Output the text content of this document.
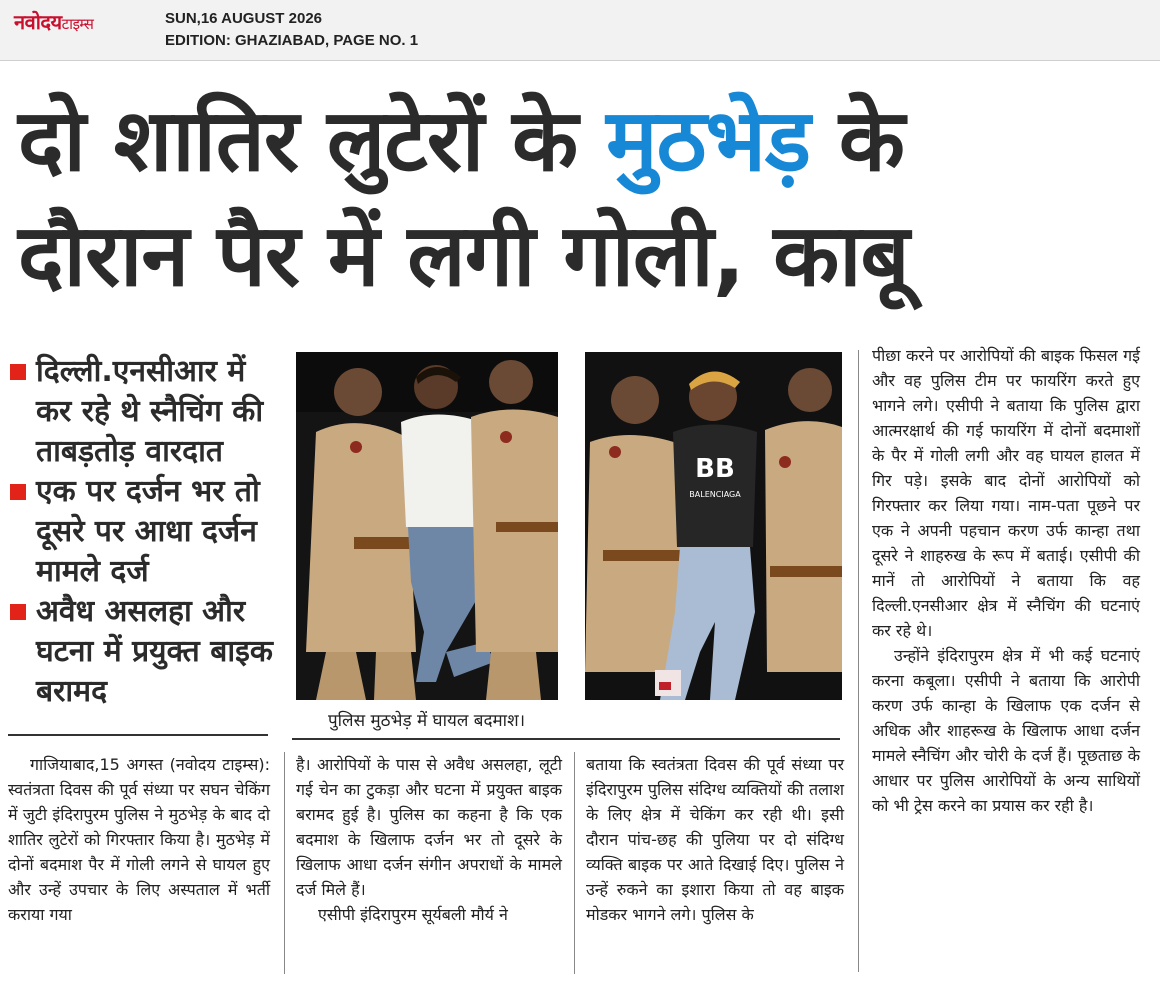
नवोदयटाइम्स	SUN,16 AUGUST 2026
EDITION: GHAZIABAD, PAGE NO. 1
दो शातिर लुटेरों के मुठभेड़ के
दौरान पैर में लगी गोली, काबू
दिल्ली.एनसीआर में कर रहे थे स्नैचिंग की ताबड़तोड़ वारदात
एक पर दर्जन भर तो दूसरे पर आधा दर्जन मामले दर्ज
अवैध असलहा और घटना में प्रयुक्त बाइक बरामद
BB
BALENCIAGA
पुलिस मुठभेड़ में घायल बदमाश।

गाजियाबाद,15 अगस्त (नवोदय टाइम्स): स्वतंत्रता दिवस की पूर्व संध्या पर सघन चेकिंग में जुटी इंदिरापुरम पुलिस ने मुठभेड़ के बाद दो शातिर लुटेरों को गिरफ्तार किया है। मुठभेड़ में दोनों बदमाश पैर में गोली लगने से घायल हुए और उन्हें उपचार के लिए अस्पताल में भर्ती कराया गया

है। आरोपियों के पास से अवैध असलहा, लूटी गई चेन का टुकड़ा और घटना में प्रयुक्त बाइक बरामद हुई है। पुलिस का कहना है कि एक बदमाश के खिलाफ दर्जन भर तो दूसरे के खिलाफ आधा दर्जन संगीन अपराधों के मामले दर्ज मिले हैं।

एसीपी इंदिरापुरम सूर्यबली मौर्य ने

बताया कि स्वतंत्रता दिवस की पूर्व संध्या पर इंदिरापुरम पुलिस संदिग्ध व्यक्तियों की तलाश के लिए क्षेत्र में चेकिंग कर रही थी। इसी दौरान पांच-छह की पुलिया पर दो संदिग्ध व्यक्ति बाइक पर आते दिखाई दिए। पुलिस ने उन्हें रुकने का इशारा किया तो वह बाइक मोडकर भागने लगे। पुलिस के

पीछा करने पर आरोपियों की बाइक फिसल गई और वह पुलिस टीम पर फायरिंग करते हुए भागने लगे। एसीपी ने बताया कि पुलिस द्वारा आत्मरक्षार्थ की गई फायरिंग में दोनों बदमाशों के पैर में गोली लगी और वह घायल हालत में गिर पड़े। इसके बाद दोनों आरोपियों को गिरफ्तार कर लिया गया। नाम-पता पूछने पर एक ने अपनी पहचान करण उर्फ कान्हा तथा दूसरे ने शाहरुख के रूप में बताई। एसीपी की मानें तो आरोपियों ने बताया कि वह दिल्ली.एनसीआर क्षेत्र में स्नैचिंग की घटनाएं कर रहे थे।

उन्होंने इंदिरापुरम क्षेत्र में भी कई घटनाएं करना कबूला। एसीपी ने बताया कि आरोपी करण उर्फ कान्हा के खिलाफ एक दर्जन से अधिक और शाहरूख के खिलाफ आधा दर्जन मामले स्नैचिंग और चोरी के दर्ज हैं। पूछताछ के आधार पर पुलिस आरोपियों के अन्य साथियों को भी ट्रेस करने का प्रयास कर रही है।
